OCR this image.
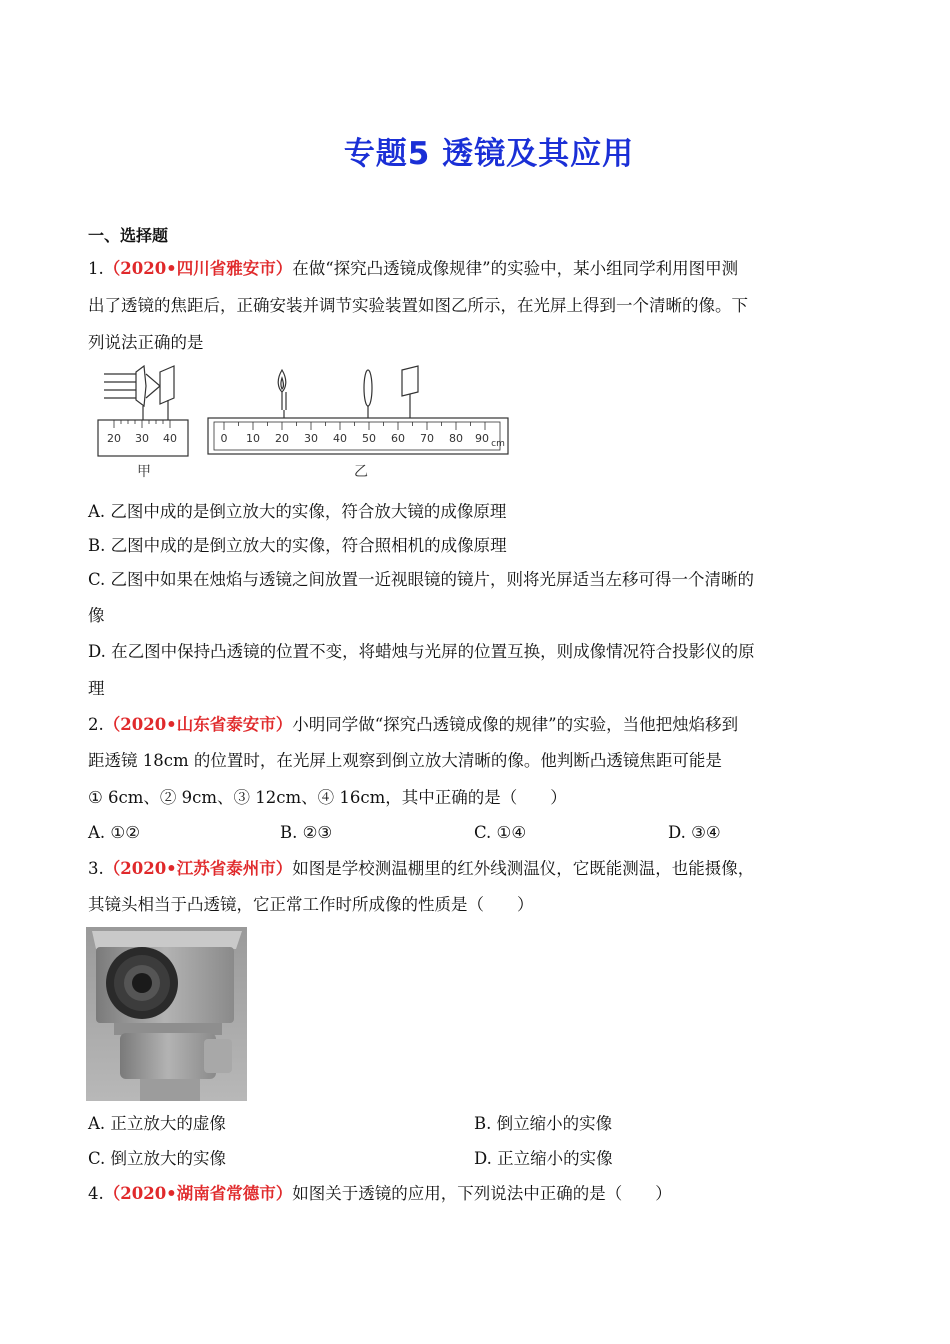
专题5 透镜及其应用
一、选择题
1.（2020•四川省雅安市）在做“探究凸透镜成像规律”的实验中，某小组同学利用图甲测
出了透镜的焦距后，正确安装并调节实验装置如图乙所示，在光屏上得到一个清晰的像。下
列说法正确的是
20 30 40
甲
0 10 20 30 40 50 60 70 80 90 cm
乙
A. 乙图中成的是倒立放大的实像，符合放大镜的成像原理
B. 乙图中成的是倒立放大的实像，符合照相机的成像原理
C. 乙图中如果在烛焰与透镜之间放置一近视眼镜的镜片，则将光屏适当左移可得一个清晰的
像
D. 在乙图中保持凸透镜的位置不变，将蜡烛与光屏的位置互换，则成像情况符合投影仪的原
理
2.（2020•山东省泰安市）小明同学做“探究凸透镜成像的规律”的实验，当他把烛焰移到
距透镜 18cm 的位置时，在光屏上观察到倒立放大清晰的像。他判断凸透镜焦距可能是
① 6cm、② 9cm、③ 12cm、④ 16cm，其中正确的是（　　）
A. ①②	B. ②③	C. ①④	D. ③④
3.（2020•江苏省泰州市）如图是学校测温棚里的红外线测温仪，它既能测温，也能摄像，
其镜头相当于凸透镜，它正常工作时所成像的性质是（　　）
A. 正立放大的虚像	B. 倒立缩小的实像
C. 倒立放大的实像	D. 正立缩小的实像
4.（2020•湖南省常德市）如图关于透镜的应用，下列说法中正确的是（　　）
